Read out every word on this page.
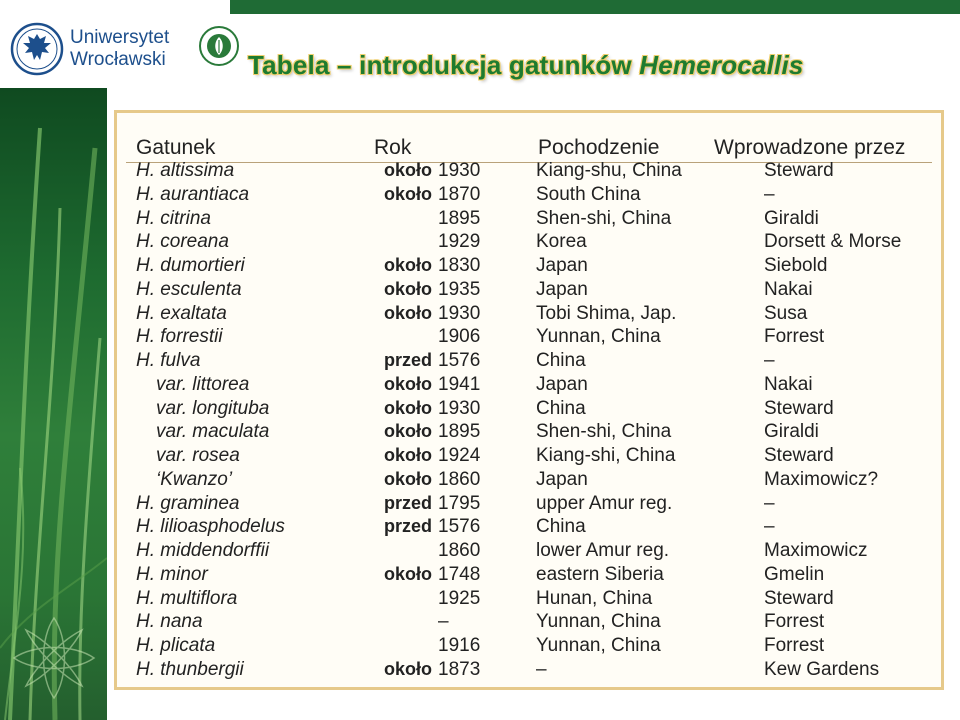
Uniwersytet
Wrocławski	Tabela – introdukcja gatunków Hemerocallis
Gatunek	Rok	Pochodzenie	Wprowadzone przez
H. altissima	około 1930	Kiang-shu, China	Steward
H. aurantiaca	około 1870	South China	–
H. citrina	1895	Shen-shi, China	Giraldi
H. coreana	1929	Korea	Dorsett & Morse
H. dumortieri	około 1830	Japan	Siebold
H. esculenta	około 1935	Japan	Nakai
H. exaltata	około 1930	Tobi Shima, Jap.	Susa
H. forrestii	1906	Yunnan, China	Forrest
H. fulva	przed 1576	China	–
var. littorea	około 1941	Japan	Nakai
var. longituba	około 1930	China	Steward
var. maculata	około 1895	Shen-shi, China	Giraldi
var. rosea	około 1924	Kiang-shi, China	Steward
‘Kwanzo’	około 1860	Japan	Maximowicz?
H. graminea	przed 1795	upper Amur reg.	–
H. lilioasphodelus	przed 1576	China	–
H. middendorffii	1860	lower Amur reg.	Maximowicz
H. minor	około 1748	eastern Siberia	Gmelin
H. multiflora	1925	Hunan, China	Steward
H. nana	–	Yunnan, China	Forrest
H. plicata	1916	Yunnan, China	Forrest
H. thunbergii	około 1873	–	Kew Gardens
